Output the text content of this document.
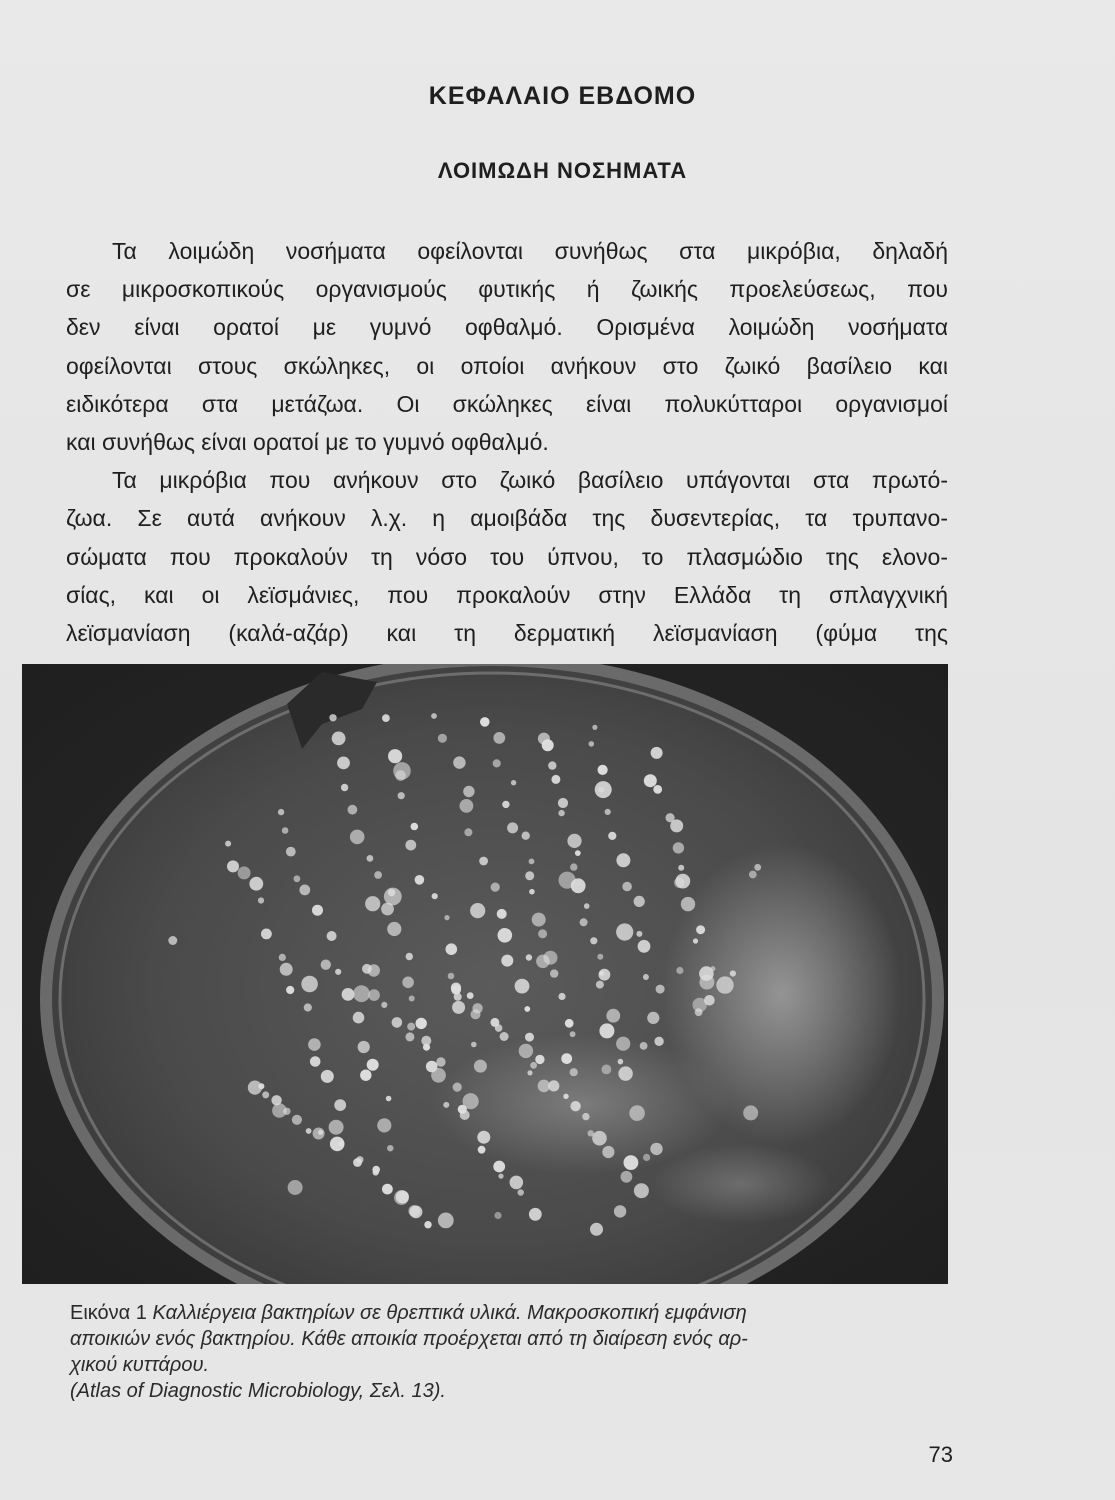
ΚΕΦΑΛΑΙΟ ΕΒΔΟΜΟ
ΛΟΙΜΩΔΗ ΝΟΣΗΜΑΤΑ
Τα λοιμώδη νοσήματα οφείλονται συνήθως στα μικρόβια, δηλαδή
σε μικροσκοπικούς οργανισμούς φυτικής ή ζωικής προελεύσεως, που
δεν είναι ορατοί με γυμνό οφθαλμό. Ορισμένα λοιμώδη νοσήματα
οφείλονται στους σκώληκες, οι οποίοι ανήκουν στο ζωικό βασίλειο και
ειδικότερα στα μετάζωα. Οι σκώληκες είναι πολυκύτταροι οργανισμοί
και συνήθως είναι ορατοί με το γυμνό οφθαλμό.
Τα μικρόβια που ανήκουν στο ζωικό βασίλειο υπάγονται στα πρωτό-
ζωα. Σε αυτά ανήκουν λ.χ. η αμοιβάδα της δυσεντερίας, τα τρυπανο-
σώματα που προκαλούν τη νόσο του ύπνου, το πλασμώδιο της ελονο-
σίας, και οι λεϊσμάνιες, που προκαλούν στην Ελλάδα τη σπλαγχνική
λεϊσμανίαση (καλά-αζάρ) και τη δερματική λεϊσμανίαση (φύμα της
Εικόνα 1 Καλλιέργεια βακτηρίων σε θρεπτικά υλικά. Μακροσκοπική εμφάνιση
αποικιών ενός βακτηρίου. Κάθε αποικία προέρχεται από τη διαίρεση ενός αρ-
χικού κυττάρου.
(Atlas of Diagnostic Microbiology, Σελ. 13).
73
